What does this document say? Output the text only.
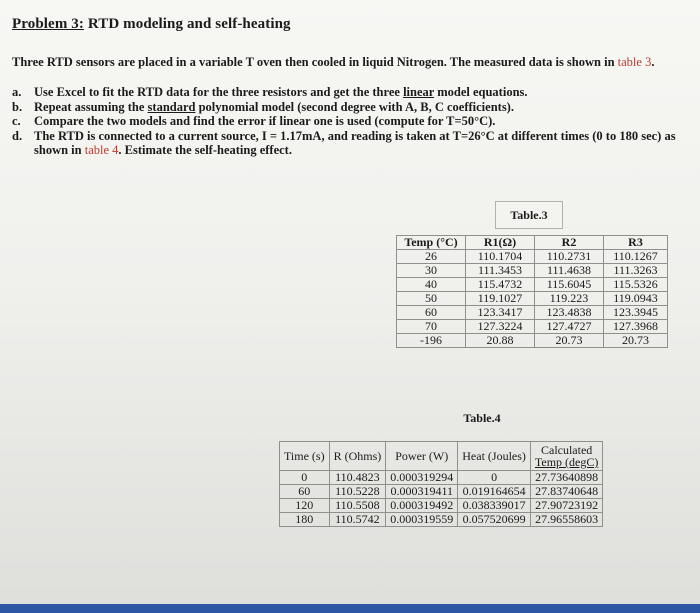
Problem 3: RTD modeling and self-heating
Three RTD sensors are placed in a variable T oven then cooled in liquid Nitrogen. The measured data is shown in table 3.
a.	Use Excel to fit the RTD data for the three resistors and get the three linear model equations.
b. Repeat assuming the standard polynomial model (second degree with A, B, C coefficients).
c.	Compare the two models and find the error if linear one is used (compute for T=50°C).
d. The RTD is connected to a current source, I = 1.17mA, and reading is taken at T=26°C at different times (0 to 180 sec) as shown in table 4. Estimate the self-heating effect.
Table.3
Temp (°C)	R1(Ω)	R2	R3
26	110.1704	110.2731	110.1267
30	111.3453	111.4638	111.3263
40	115.4732	115.6045	115.5326
50	119.1027	119.223	119.0943
60	123.3417	123.4838	123.3945
70	127.3224	127.4727	127.3968
-196	20.88	20.73	20.73
Table.4
Time (s)	R (Ohms)	Power (W)	Heat (Joules)	Calculated
Temp (degC)

0	110.4823	0.000319294	0	27.73640898
60	110.5228	0.000319411	0.019164654	27.83740648
120	110.5508	0.000319492	0.038339017	27.90723192
180	110.5742	0.000319559	0.057520699	27.96558603
